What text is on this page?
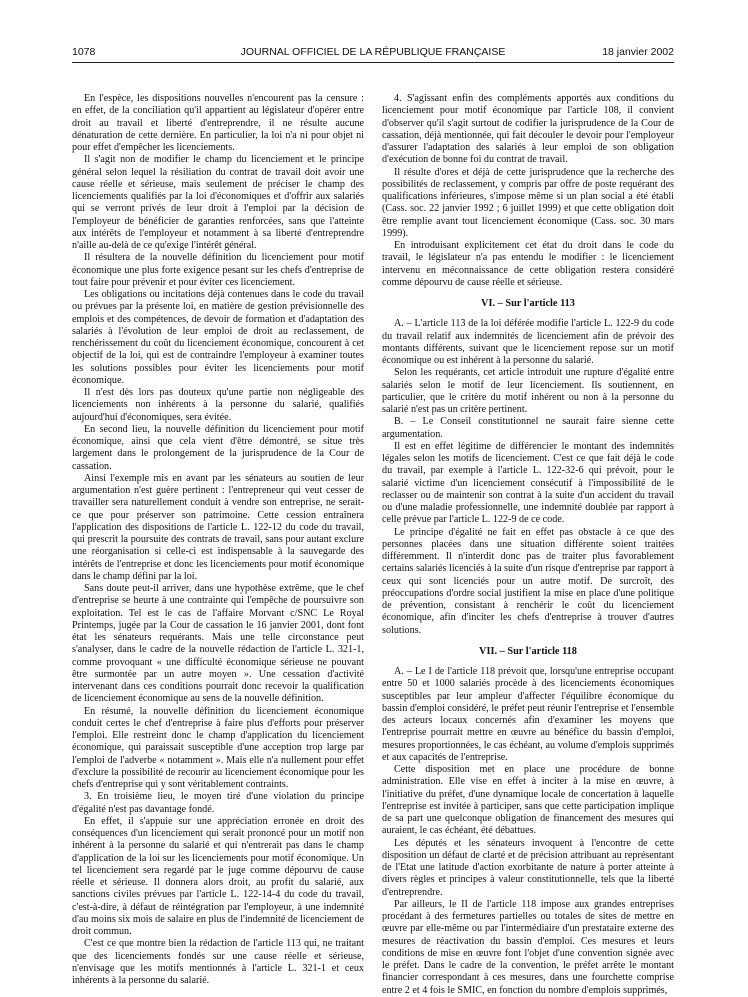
1078	JOURNAL OFFICIEL DE LA RÉPUBLIQUE FRANÇAISE	18 janvier 2002

En l'espèce, les dispositions nouvelles n'encourent pas la censure : en effet, de la conciliation qu'il appartient au législateur d'opérer entre droit au travail et liberté d'entreprendre, il ne résulte aucune dénaturation de cette dernière. En particulier, la loi n'a ni pour objet ni pour effet d'empêcher les licenciements.

Il s'agit non de modifier le champ du licenciement et le principe général selon lequel la résiliation du contrat de travail doit avoir une cause réelle et sérieuse, mais seulement de préciser le champ des licenciements qualifiés par la loi d'économiques et d'offrir aux salariés qui se verront privés de leur droit à l'emploi par la décision de l'employeur de bénéficier de garanties renforcées, sans que l'atteinte aux intérêts de l'employeur et notamment à sa liberté d'entreprendre n'aille au-delà de ce qu'exige l'intérêt général.

Il résultera de la nouvelle définition du licenciement pour motif économique une plus forte exigence pesant sur les chefs d'entreprise de tout faire pour prévenir et pour éviter ces licenciement.

Les obligations ou incitations déjà contenues dans le code du travail ou prévues par la présente loi, en matière de gestion prévisionnelle des emplois et des compétences, de devoir de formation et d'adaptation des salariés à l'évolution de leur emploi de droit au reclassement, de renchérissement du coût du licenciement économique, concourent à cet objectif de la loi, qui est de contraindre l'employeur à examiner toutes les solutions possibles pour éviter les licenciements pour motif économique.

Il n'est dès lors pas douteux qu'une partie non négligeable des licenciements non inhérents à la personne du salarié, qualifiés aujourd'hui d'économiques, sera évitée.

En second lieu, la nouvelle définition du licenciement pour motif économique, ainsi que cela vient d'être démontré, se situe très largement dans le prolongement de la jurisprudence de la Cour de cassation.

Ainsi l'exemple mis en avant par les sénateurs au soutien de leur argumentation n'est guère pertinent : l'entrepreneur qui veut cesser de travailler sera naturellement conduit à vendre son entreprise, ne serait-ce que pour préserver son patrimoine. Cette cession entraînera l'application des dispositions de l'article L. 122-12 du code du travail, qui prescrit la poursuite des contrats de travail, sans pour autant exclure une réorganisation si celle-ci est indispensable à la sauvegarde des intérêts de l'entreprise et donc les licenciements pour motif économique dans le champ défini par la loi.

Sans doute peut-il arriver, dans une hypothèse extrême, que le chef d'entreprise se heurte à une contrainte qui l'empêche de poursuivre son exploitation. Tel est le cas de l'affaire Morvant c/SNC Le Royal Printemps, jugée par la Cour de cassation le 16 janvier 2001, dont font état les sénateurs requérants. Mais une telle circonstance peut s'analyser, dans le cadre de la nouvelle rédaction de l'article L. 321-1, comme provoquant « une difficulté économique sérieuse ne pouvant être surmontée par un autre moyen ». Une cessation d'activité intervenant dans ces conditions pourrait donc recevoir la qualification de licenciement économique au sens de la nouvelle définition.

En résumé, la nouvelle définition du licenciement économique conduit certes le chef d'entreprise à faire plus d'efforts pour préserver l'emploi. Elle restreint donc le champ d'application du licenciement économique, qui paraissait susceptible d'une acception trop large par l'emploi de l'adverbe « notamment ». Mais elle n'a nullement pour effet d'exclure la possibilité de recourir au licenciement économique pour les chefs d'entreprise qui y sont véritablement contraints.

3. En troisième lieu, le moyen tiré d'une violation du principe d'égalité n'est pas davantage fondé.

En effet, il s'appuie sur une appréciation erronée en droit des conséquences d'un licenciement qui serait prononcé pour un motif non inhérent à la personne du salarié et qui n'entrerait pas dans le champ d'application de la loi sur les licenciements pour motif économique. Un tel licenciement sera regardé par le juge comme dépourvu de cause réelle et sérieuse. Il donnera alors droit, au profit du salarié, aux sanctions civiles prévues par l'article L. 122-14-4 du code du travail, c'est-à-dire, à défaut de réintégration par l'employeur, à une indemnité d'au moins six mois de salaire en plus de l'indemnité de licenciement de droit commun.

C'est ce que montre bien la rédaction de l'article 113 qui, ne traitant que des licenciements fondés sur une cause réelle et sérieuse, n'envisage que les motifs mentionnés à l'article L. 321-1 et ceux inhérents à la personne du salarié.

4. S'agissant enfin des compléments apportés aux conditions du licenciement pour motif économique par l'article 108, il convient d'observer qu'il s'agit surtout de codifier la jurisprudence de la Cour de cassation, déjà mentionnée, qui fait découler le devoir pour l'employeur d'assurer l'adaptation des salariés à leur emploi de son obligation d'exécution de bonne foi du contrat de travail.

Il résulte d'ores et déjà de cette jurisprudence que la recherche des possibilités de reclassement, y compris par offre de poste requérant des qualifications inférieures, s'impose même si un plan social a été établi (Cass. soc. 22 janvier 1992 ; 6 juillet 1999) et que cette obligation doit être remplie avant tout licenciement économique (Cass. soc. 30 mars 1999).

En introduisant explicitement cet état du droit dans le code du travail, le législateur n'a pas entendu le modifier : le licenciement intervenu en méconnaissance de cette obligation restera considéré comme dépourvu de cause réelle et sérieuse.

VI. – Sur l'article 113

A. – L'article 113 de la loi déférée modifie l'article L. 122-9 du code du travail relatif aux indemnités de licenciement afin de prévoir des montants différents, suivant que le licenciement repose sur un motif économique ou est inhérent à la personne du salarié.

Selon les requérants, cet article introduit une rupture d'égalité entre salariés selon le motif de leur licenciement. Ils soutiennent, en particulier, que le critère du motif inhérent ou non à la personne du salarié n'est pas un critère pertinent.

B. – Le Conseil constitutionnel ne saurait faire sienne cette argumentation.

Il est en effet légitime de différencier le montant des indemnités légales selon les motifs de licenciement. C'est ce que fait déjà le code du travail, par exemple à l'article L. 122-32-6 qui prévoit, pour le salarié victime d'un licenciement consécutif à l'impossibilité de le reclasser ou de maintenir son contrat à la suite d'un accident du travail ou d'une maladie professionnelle, une indemnité doublée par rapport à celle prévue par l'article L. 122-9 de ce code.

Le principe d'égalité ne fait en effet pas obstacle à ce que des personnes placées dans une situation différente soient traitées différemment. Il n'interdit donc pas de traiter plus favorablement certains salariés licenciés à la suite d'un risque d'entreprise par rapport à ceux qui sont licenciés pour un autre motif. De surcroît, des préoccupations d'ordre social justifient la mise en place d'une politique de prévention, consistant à renchérir le coût du licenciement économique, afin d'inciter les chefs d'entreprise à trouver d'autres solutions.

VII. – Sur l'article 118

A. – Le I de l'article 118 prévoit que, lorsqu'une entreprise occupant entre 50 et 1000 salariés procède à des licenciements économiques susceptibles par leur ampleur d'affecter l'équilibre économique du bassin d'emploi considéré, le préfet peut réunir l'entreprise et l'ensemble des acteurs locaux concernés afin d'examiner les moyens que l'entreprise pourrait mettre en œuvre au bénéfice du bassin d'emploi, mesures proportionnées, le cas échéant, au volume d'emplois supprimés et aux capacités de l'entreprise.

Cette disposition met en place une procédure de bonne administration. Elle vise en effet à inciter à la mise en œuvre, à l'initiative du préfet, d'une dynamique locale de concertation à laquelle l'entreprise est invitée à participer, sans que cette participation implique de sa part une quelconque obligation de financement des mesures qui auraient, le cas échéant, été débattues.

Les députés et les sénateurs invoquent à l'encontre de cette disposition un défaut de clarté et de précision attribuant au représentant de l'Etat une latitude d'action exorbitante de nature à porter atteinte à divers règles et principes à valeur constitutionnelle, tels que la liberté d'entreprendre.

Par ailleurs, le II de l'article 118 impose aux grandes entreprises procédant à des fermetures partielles ou totales de sites de mettre en œuvre par elle-même ou par l'intermédiaire d'un prestataire externe des mesures de réactivation du bassin d'emploi. Ces mesures et leurs conditions de mise en œuvre font l'objet d'une convention signée avec le préfet. Dans le cadre de la convention, le préfet arrête le montant financier correspondant à ces mesures, dans une fourchette comprise entre 2 et 4 fois le SMIC, en fonction du nombre d'emplois supprimés,
